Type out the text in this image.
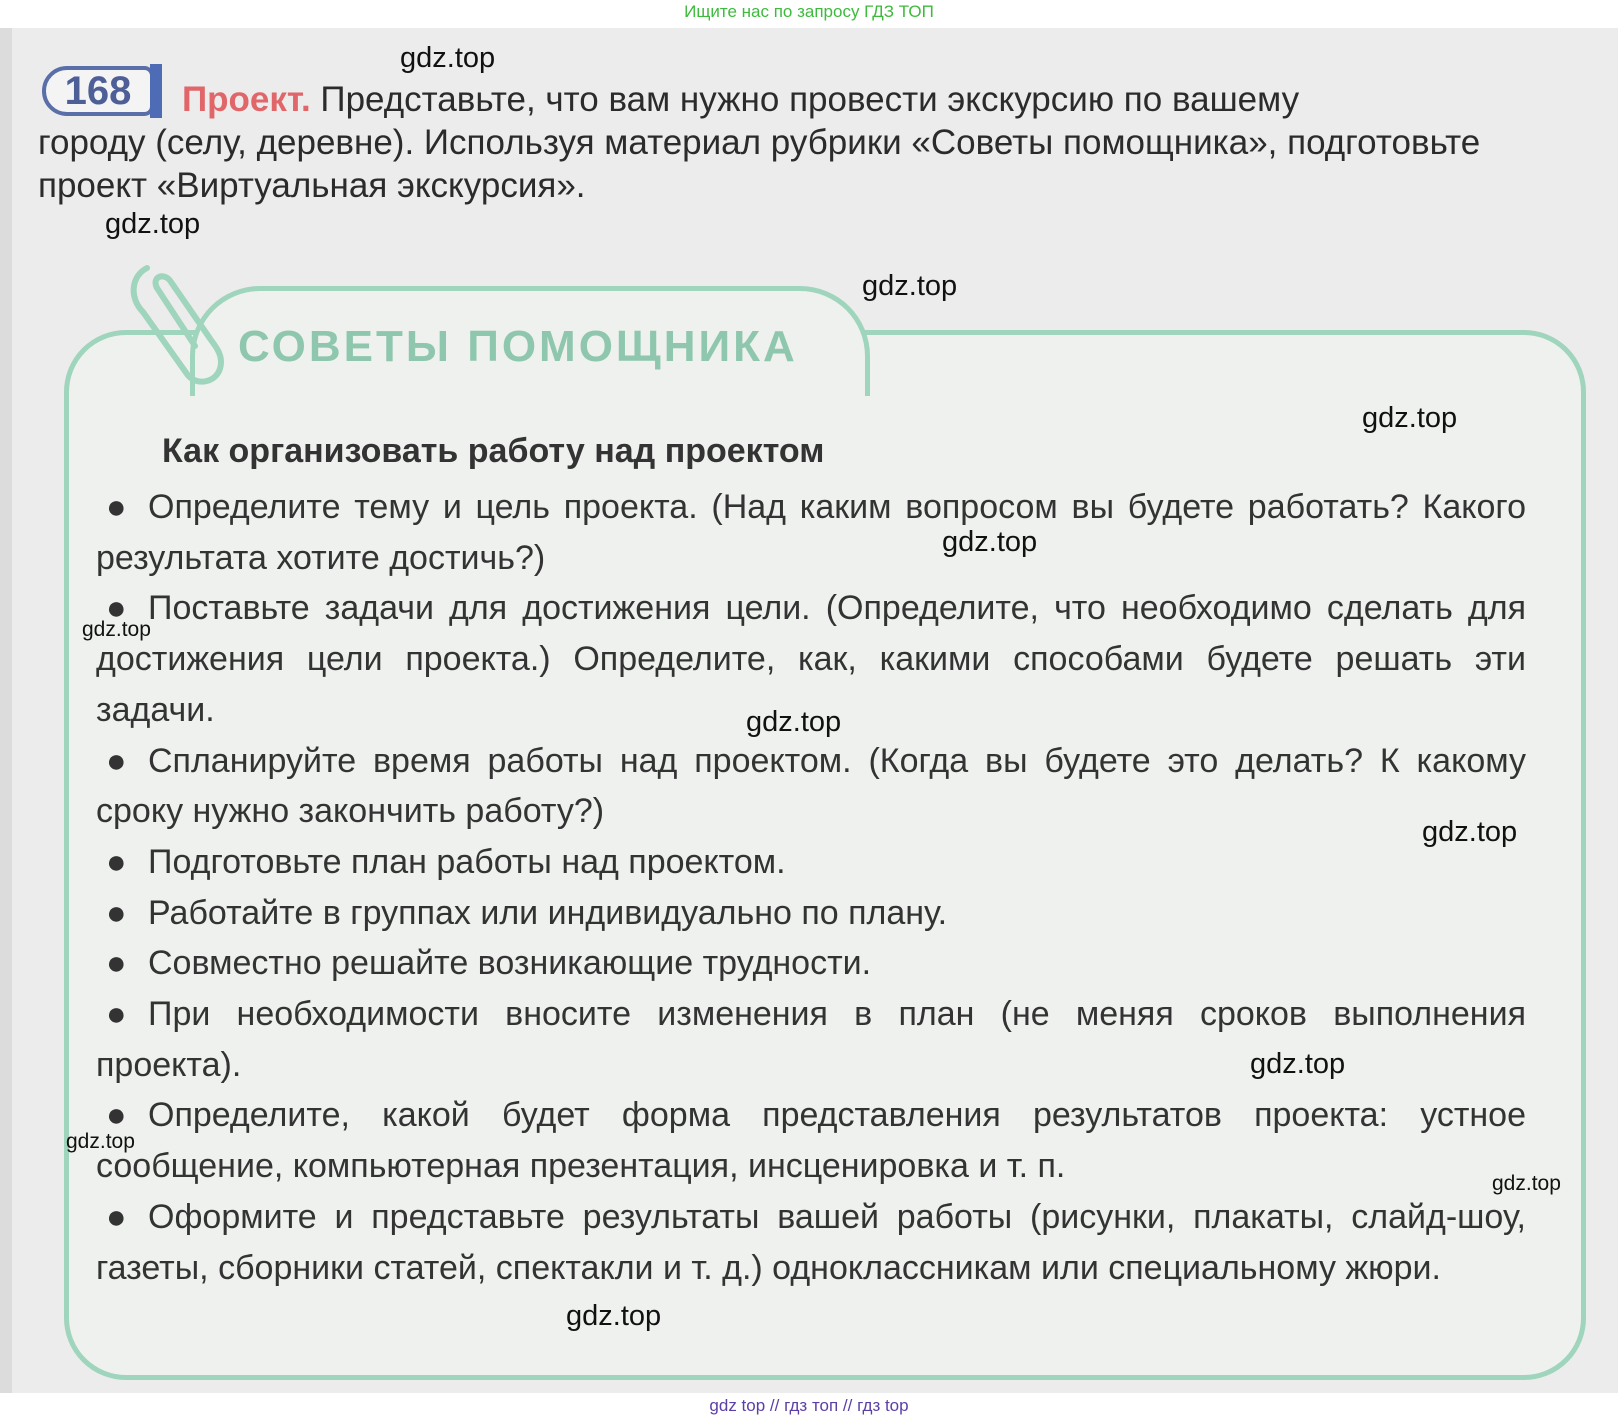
Ищите нас по запросу ГДЗ ТОП
168	Проект. Представьте, что вам нужно провести экскурсию по вашему
городу (селу, деревне). Используя материал рубрики «Советы помощника», подготовьте проект «Виртуальная экскурсия».
СОВЕТЫ ПОМОЩНИКА
Как организовать работу над проектом

● Определите тему и цель проекта. (Над каким вопросом вы будете работать? Какого результата хотите достичь?)

● Поставьте задачи для достижения цели. (Определите, что необходимо сделать для достижения цели проекта.) Определите, как, какими способами будете решать эти задачи.

● Спланируйте время работы над проектом. (Когда вы будете это делать? К какому сроку нужно закончить работу?)

● Подготовьте план работы над проектом.

● Работайте в группах или индивидуально по плану.

● Совместно решайте возникающие трудности.

● При необходимости вносите изменения в план (не меняя сроков выполнения проекта).

● Определите, какой будет форма представления результатов проекта: устное сообщение, компьютерная презентация, инсценировка и т. п.

● Оформите и представьте результаты вашей работы (рисунки, плакаты, слайд-шоу, газеты, сборники статей, спектакли и т. д.) одноклассникам или специальному жюри.

gdz.top
gdz.top
gdz.top
gdz.top
gdz.top
gdz.top
gdz.top
gdz.top
gdz.top
gdz.top
gdz.top
gdz.top
gdz top // гдз топ // гдз top
